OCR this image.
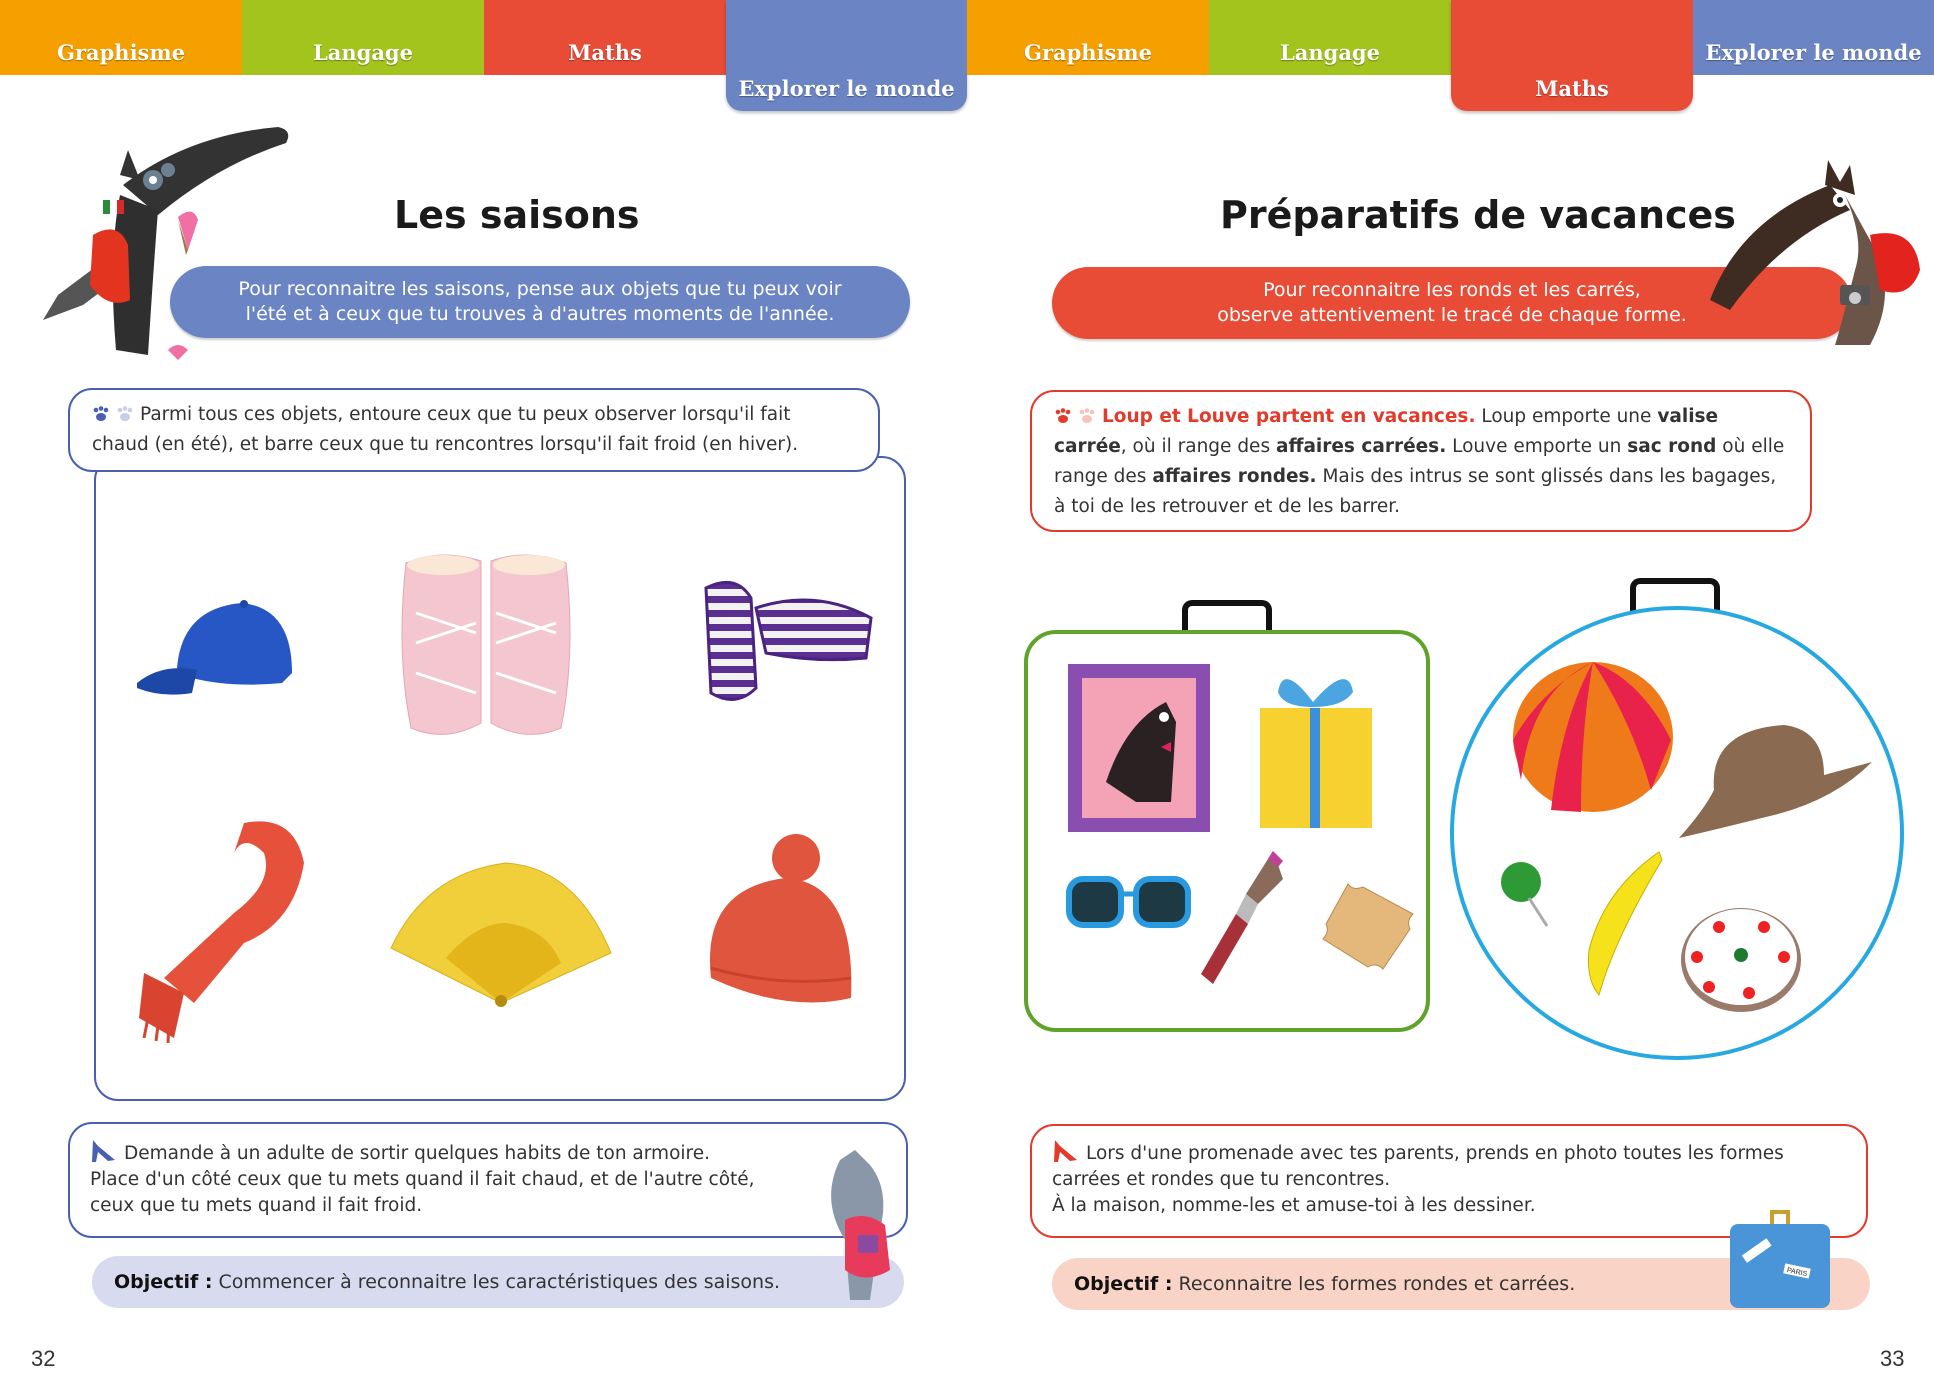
Graphisme	Langage	Maths
Explorer le monde
Graphisme	Langage
Maths
Explorer le monde
Les saisons
Pour reconnaitre les saisons, pense aux objets que tu peux voir
l'été et à ceux que tu trouves à d'autres moments de l'année.
Parmi tous ces objets, entoure ceux que tu peux observer lorsqu'il fait
chaud (en été), et barre ceux que tu rencontres lorsqu'il fait froid (en hiver).
Demande à un adulte de sortir quelques habits de ton armoire.
Place d'un côté ceux que tu mets quand il fait chaud, et de l'autre côté,
ceux que tu mets quand il fait froid.
Objectif : Commencer à reconnaitre les caractéristiques des saisons.
32
Préparatifs de vacances
Pour reconnaitre les ronds et les carrés,
observe attentivement le tracé de chaque forme.
Loup et Louve partent en vacances. Loup emporte une valise carrée, où il range des affaires carrées. Louve emporte un sac rond où elle range des affaires rondes. Mais des intrus se sont glissés dans les bagages, à toi de les retrouver et de les barrer.
Lors d'une promenade avec tes parents, prends en photo toutes les formes
carrées et rondes que tu rencontres.
À la maison, nomme-les et amuse-toi à les dessiner.
Objectif : Reconnaitre les formes rondes et carrées.
PARIS
33
